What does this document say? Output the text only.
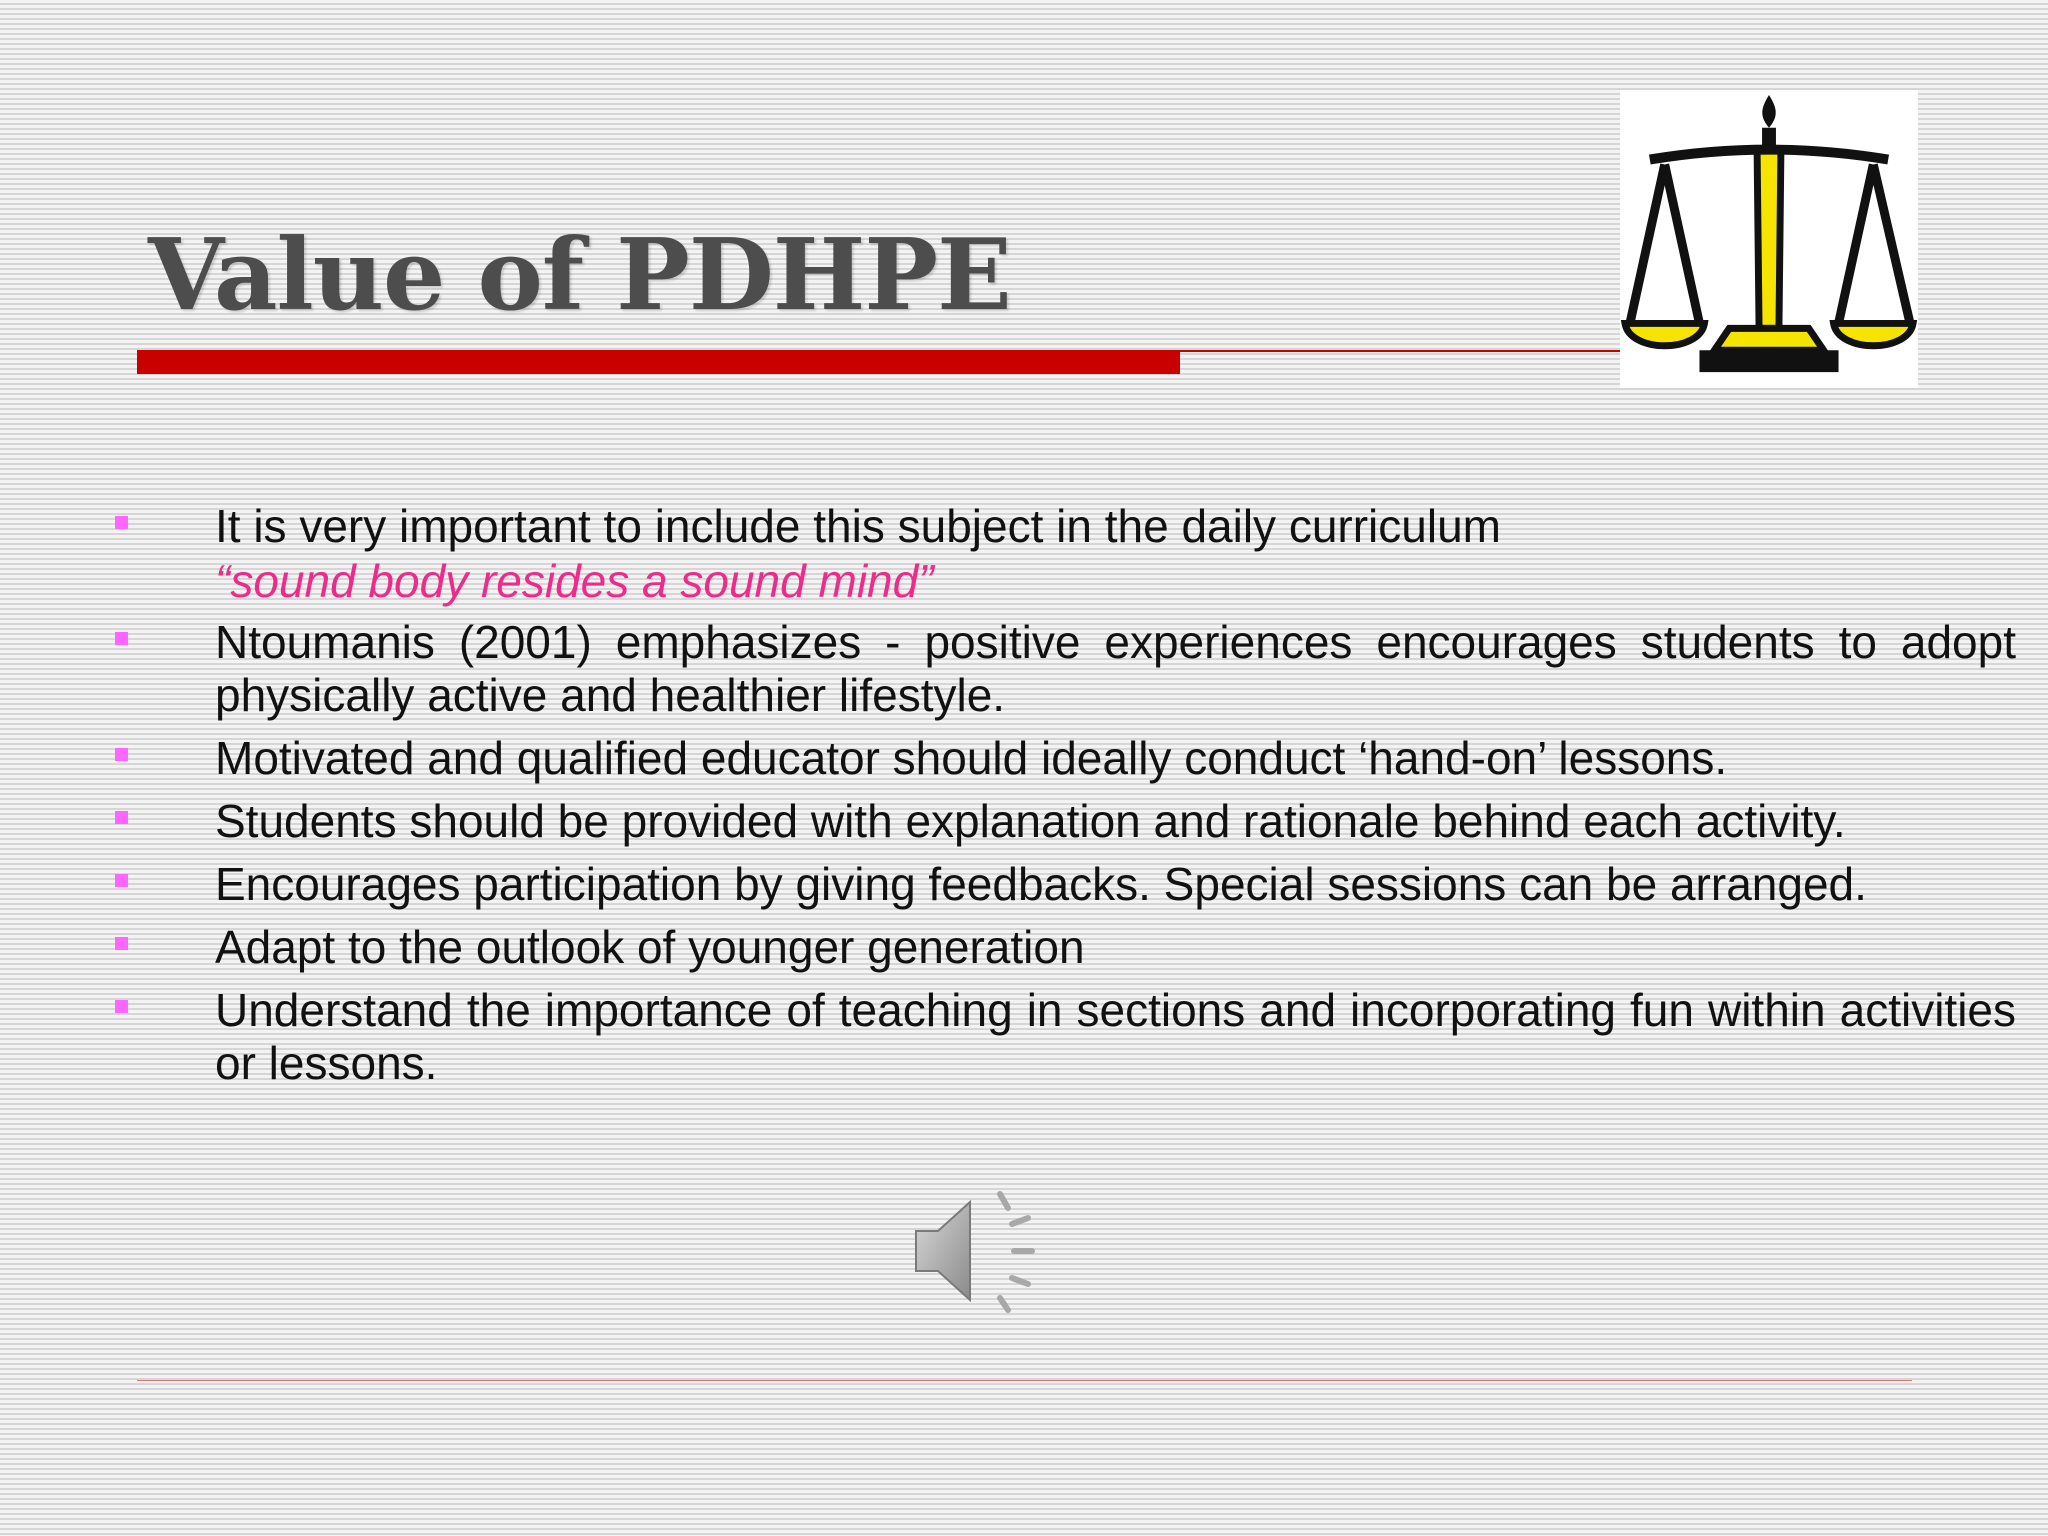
Value of PDHPE
It is very important to include this subject in the daily curriculum
“sound body resides a sound mind”
Ntoumanis (2001) emphasizes - positive experiences encourages students to adopt physically active and healthier lifestyle.
Motivated and qualified educator should ideally conduct ‘hand-on’ lessons.
Students should be provided with explanation and rationale behind each activity.
Encourages participation by giving feedbacks. Special sessions can be arranged.
Adapt to the outlook of younger generation
Understand the importance of teaching in sections and incorporating fun within activities or lessons.
